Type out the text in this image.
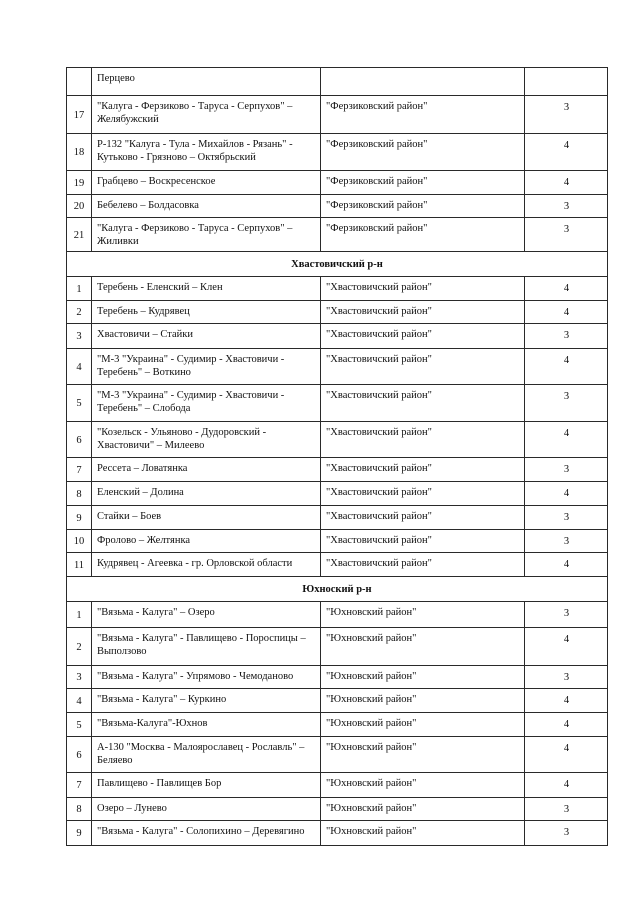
	Перцево		
17	"Калуга - Ферзиково - Таруса - Серпухов" – Желябужский	"Ферзиковский район"	3
18	Р-132 "Калуга - Тула - Михайлов - Рязань" - Кутьково - Грязново – Октябрьский	"Ферзиковский район"	4
19	Грабцево – Воскресенское	"Ферзиковский район"	4
20	Бебелево – Болдасовка	"Ферзиковский район"	3
21	"Калуга - Ферзиково - Таруса - Серпухов" – Жиливки	"Ферзиковский район"	3
Хвастовичский р-н			
1	Теребень - Еленский – Клен	"Хвастовичский район"	4
2	Теребень – Кудрявец	"Хвастовичский район"	4
3	Хвастовичи – Стайки	"Хвастовичский район"	3
4	"М-3 "Украина" - Судимир - Хвастовичи - Теребень" – Воткино	"Хвастовичский район"	4
5	"М-3 "Украина" - Судимир - Хвастовичи - Теребень" – Слобода	"Хвастовичский район"	3
6	"Козельск - Ульяново - Дудоровский - Хвастовичи" – Милеево	"Хвастовичский район"	4
7	Рессета – Ловатянка	"Хвастовичский район"	3
8	Еленский – Долина	"Хвастовичский район"	4
9	Стайки – Боев	"Хвастовичский район"	3
10	Фролово – Желтянка	"Хвастовичский район"	3
11	Кудрявец - Агеевка - гр. Орловской области	"Хвастовичский район"	4
Юхноский р-н			
1	"Вязьма - Калуга" – Озеро	"Юхновский район"	3
2	"Вязьма - Калуга" - Павлищево - Пороспицы – Выползово	"Юхновский район"	4
3	"Вязьма - Калуга" - Упрямово - Чемоданово	"Юхновский район"	3
4	"Вязьма - Калуга" – Куркино	"Юхновский район"	4
5	"Вязьма-Калуга"-Юхнов	"Юхновский район"	4
6	А-130 "Москва - Малоярославец - Рославль" – Беляево	"Юхновский район"	4
7	Павлищево - Павлищев Бор	"Юхновский район"	4
8	Озеро – Лунево	"Юхновский район"	3
9	"Вязьма - Калуга" - Солопихино – Деревягино	"Юхновский район"	3
